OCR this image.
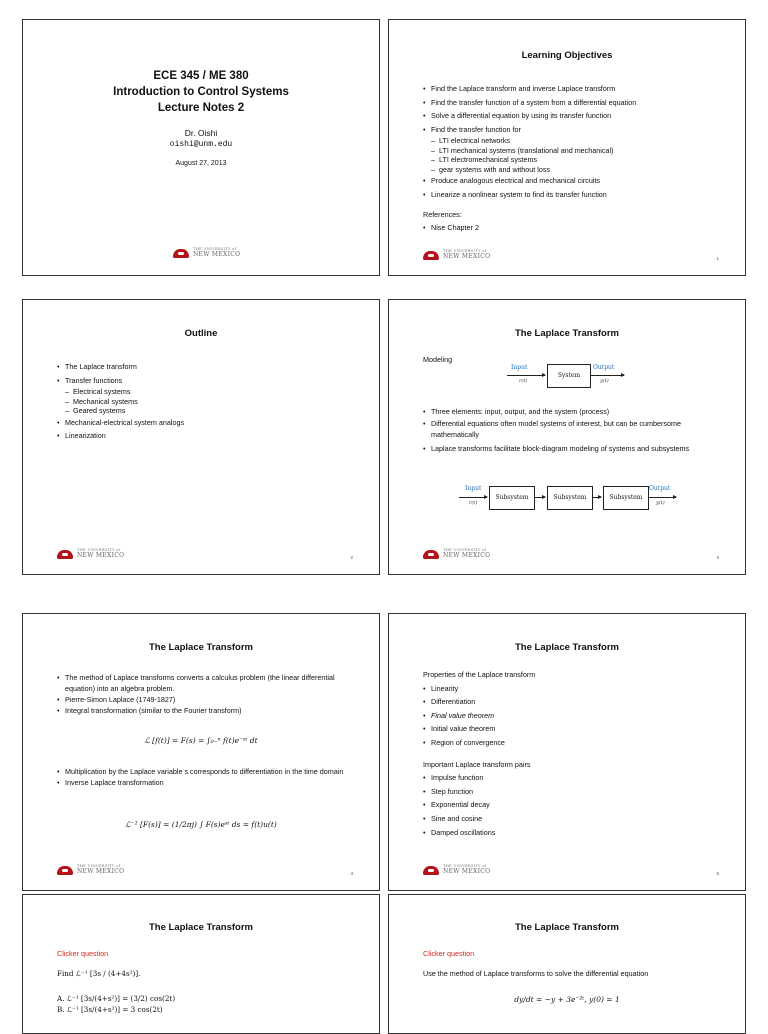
ECE 345 / ME 380
Introduction to Control Systems
Lecture Notes 2
Dr. Oishi
oishi@unm.edu
August 27, 2013
THE UNIVERSITY of
NEW MEXICO
Learning Objectives
• Find the Laplace transform and inverse Laplace transform
• Find the transfer function of a system from a differential equation
• Solve a differential equation by using its transfer function
• Find the transfer function for
– LTI electrical networks
– LTI mechanical systems (translational and mechanical)
– LTI electromechanical systems
– gear systems with and without loss
• Produce analogous electrical and mechanical circuits
• Linearize a nonlinear system to find its transfer function
References:
• Nise Chapter 2
THE UNIVERSITY of
NEW MEXICO	1
Outline
• The Laplace transform
• Transfer functions
– Electrical systems
– Mechanical systems
– Geared systems
• Mechanical-electrical system analogs
• Linearization
THE UNIVERSITY of
NEW MEXICO	2
The Laplace Transform
Modeling
Input
r(t)
System
Output
y(t)
• Three elements: input, output, and the system (process)
• Differential equations often model systems of interest, but can be cumbersome mathematically
• Laplace transforms facilitate block-diagram modeling of systems and subsystems
Input
r(t)
Subsystem	Subsystem	Subsystem
Output
y(t)
THE UNIVERSITY of
NEW MEXICO	3
The Laplace Transform
• The method of Laplace transforms converts a calculus problem (the linear differential equation) into an algebra problem.
• Pierre-Simon Laplace (1749-1827)
• Integral transformation (similar to the Fourier transform)
ℒ [f(t)] = F(s) = ∫₀₋ⁿ f(t)e⁻ˢᵗ dt
• Multiplication by the Laplace variable s corresponds to differentiation in the time domain
• Inverse Laplace transformation
ℒ⁻¹ [F(s)] = (1/2πj) ∫ F(s)eˢᵗ ds = f(t)u(t)
THE UNIVERSITY of
NEW MEXICO	4
The Laplace Transform
Properties of the Laplace transform
• Linearity
• Differentiation
• Final value theorem
• Initial value theorem
• Region of convergence
Important Laplace transform pairs
• Impulse function
• Step function
• Exponential decay
• Sine and cosine
• Damped oscillations
THE UNIVERSITY of
NEW MEXICO	5
The Laplace Transform
Clicker question
Find ℒ⁻¹ [3s / (4+4s²)].
A. ℒ⁻¹ [3s/(4+s²)] = (3/2) cos(2t)
B. ℒ⁻¹ [3s/(4+s²)] = 3 cos(2t)
The Laplace Transform
Clicker question
Use the method of Laplace transforms to solve the differential equation
dy/dt = −y + 3e⁻²ᵗ, y(0) = 1
